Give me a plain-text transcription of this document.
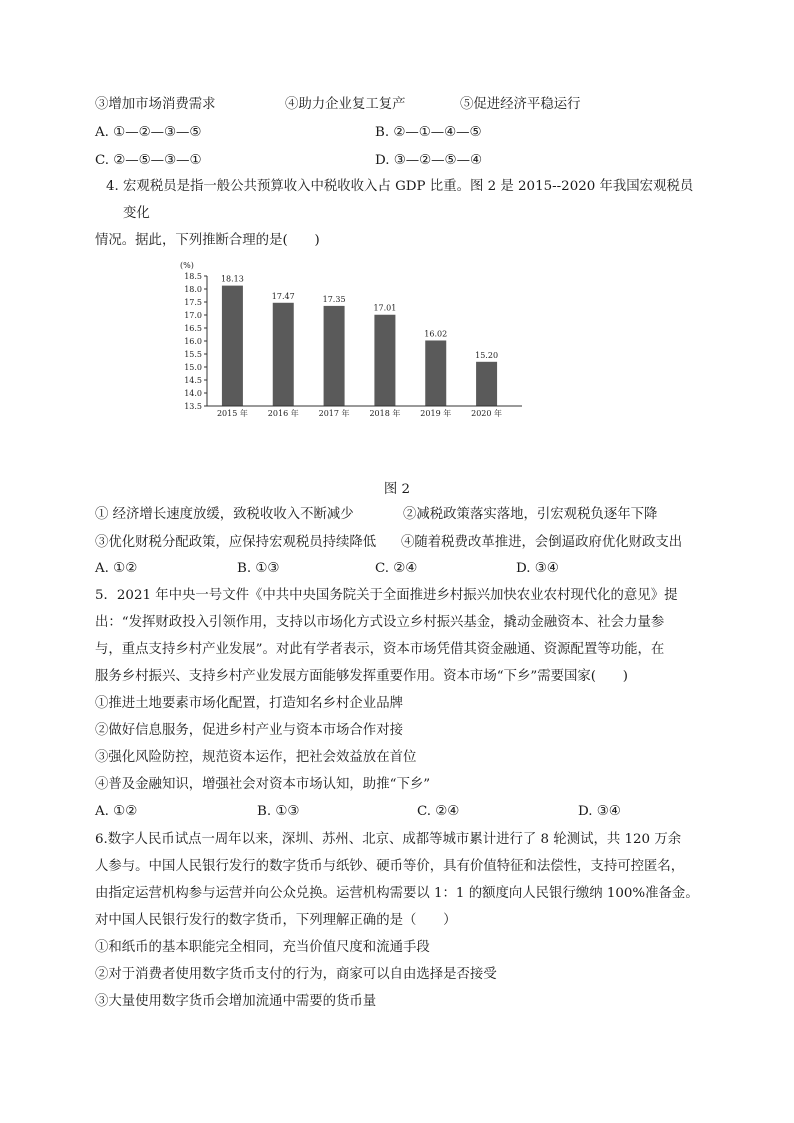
③增加市场消费需求	④助力企业复工复产	⑤促进经济平稳运行
A. ①—②—③—⑤	B. ②—①—④—⑤
C. ②—⑤—③—①	D. ③—②—⑤—④
4. 宏观税员是指一般公共预算收入中税收收入占 GDP 比重。图 2 是 2015--2020 年我国宏观税员
变化
情况。据此，下列推断合理的是(　　)
(%)
18.5
18.0
17.5
17.0
16.5
16.0
15.5
15.0
14.5
14.0
13.5
18.13
17.47	17.35
17.01
16.02
15.20
2015 年 2016 年 2017 年 2018 年 2019 年 2020 年
图 2
① 经济增长速度放缓，致税收收入不断减少	②减税政策落实落地，引宏观税负逐年下降
③优化财税分配政策，应保持宏观税员持续降低 ④随着税费改革推进，会倒逼政府优化财政支出
A. ①②	B. ①③	C. ②④	D. ③④
5．2021 年中央一号文件《中共中央国务院关于全面推进乡村振兴加快农业农村现代化的意见》提
出：“发挥财政投入引领作用，支持以市场化方式设立乡村振兴基金，撬动金融资本、社会力量参
与，重点支持乡村产业发展”。对此有学者表示，资本市场凭借其资金融通、资源配置等功能，在
服务乡村振兴、支持乡村产业发展方面能够发挥重要作用。资本市场“下乡”需要国家(　　)
①推进土地要素市场化配置，打造知名乡村企业品牌
②做好信息服务，促进乡村产业与资本市场合作对接
③强化风险防控，规范资本运作，把社会效益放在首位
④普及金融知识，增强社会对资本市场认知，助推“下乡”
A. ①②	B. ①③	C. ②④	D. ③④
6.数字人民币试点一周年以来，深圳、苏州、北京、成都等城市累计进行了 8 轮测试，共 120 万余
人参与。中国人民银行发行的数字货币与纸钞、硬币等价，具有价值特征和法偿性，支持可控匿名，
由指定运营机构参与运营并向公众兑换。运营机构需要以 1：1 的额度向人民银行缴纳 100%准备金。
对中国人民银行发行的数字货币，下列理解正确的是（　　）
①和纸币的基本职能完全相同，充当价值尺度和流通手段
②对于消费者使用数字货币支付的行为，商家可以自由选择是否接受
③大量使用数字货币会增加流通中需要的货币量
